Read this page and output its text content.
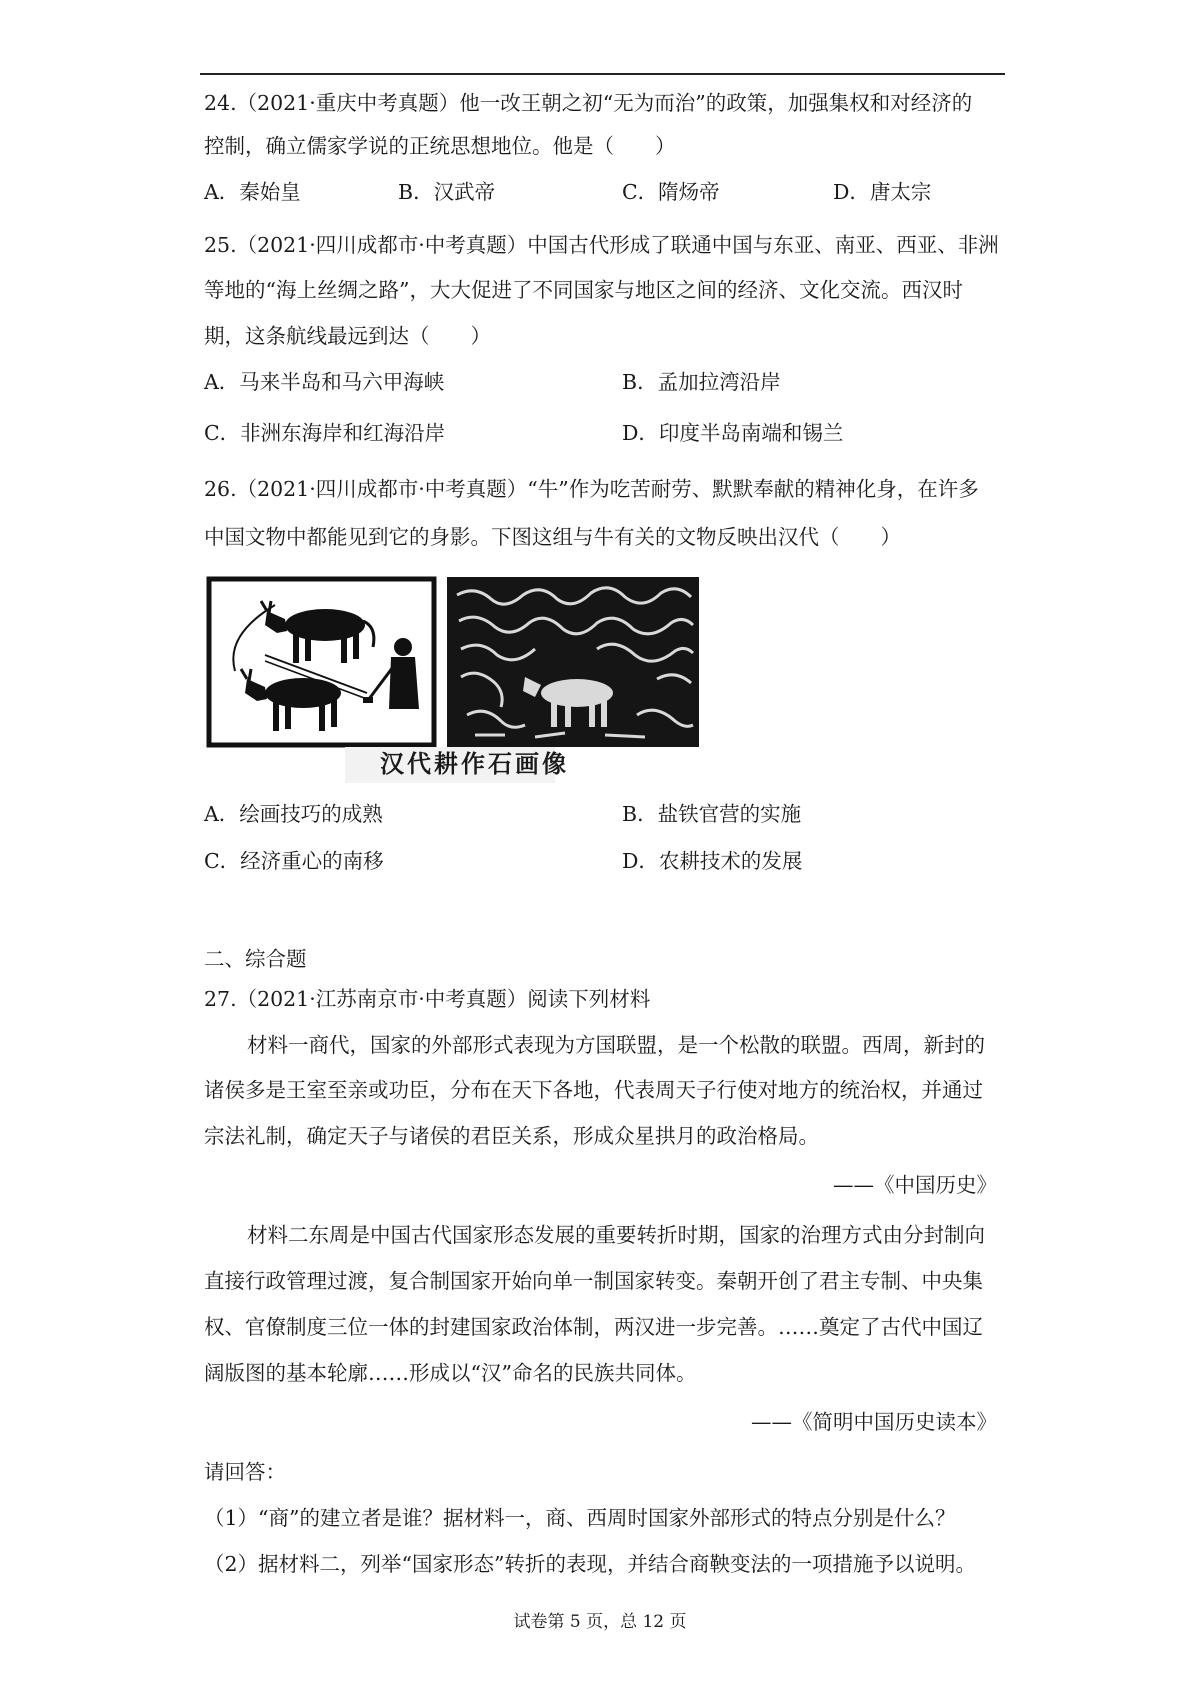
24.（2021·重庆中考真题）他一改王朝之初“无为而治”的政策，加强集权和对经济的
控制，确立儒家学说的正统思想地位。他是（　　）
A．秦始皇	B．汉武帝	C．隋炀帝	D．唐太宗
25.（2021·四川成都市·中考真题）中国古代形成了联通中国与东亚、南亚、西亚、非洲
等地的“海上丝绸之路”，大大促进了不同国家与地区之间的经济、文化交流。西汉时
期，这条航线最远到达（　　）
A．马来半岛和马六甲海峡	B．孟加拉湾沿岸
C．非洲东海岸和红海沿岸	D．印度半岛南端和锡兰
26.（2021·四川成都市·中考真题）“牛”作为吃苦耐劳、默默奉献的精神化身，在许多
中国文物中都能见到它的身影。下图这组与牛有关的文物反映出汉代（　　）
汉代耕作石画像
A．绘画技巧的成熟	B．盐铁官营的实施
C．经济重心的南移	D．农耕技术的发展
二、综合题
27.（2021·江苏南京市·中考真题）阅读下列材料
材料一商代，国家的外部形式表现为方国联盟，是一个松散的联盟。西周，新封的
诸侯多是王室至亲或功臣，分布在天下各地，代表周天子行使对地方的统治权，并通过
宗法礼制，确定天子与诸侯的君臣关系，形成众星拱月的政治格局。
——《中国历史》
材料二东周是中国古代国家形态发展的重要转折时期，国家的治理方式由分封制向
直接行政管理过渡，复合制国家开始向单一制国家转变。秦朝开创了君主专制、中央集
权、官僚制度三位一体的封建国家政治体制，两汉进一步完善。……奠定了古代中国辽
阔版图的基本轮廓……形成以“汉”命名的民族共同体。
——《简明中国历史读本》
请回答：
（1）“商”的建立者是谁？据材料一，商、西周时国家外部形式的特点分别是什么？
（2）据材料二，列举“国家形态”转折的表现，并结合商鞅变法的一项措施予以说明。
试卷第 5 页，总 12 页
